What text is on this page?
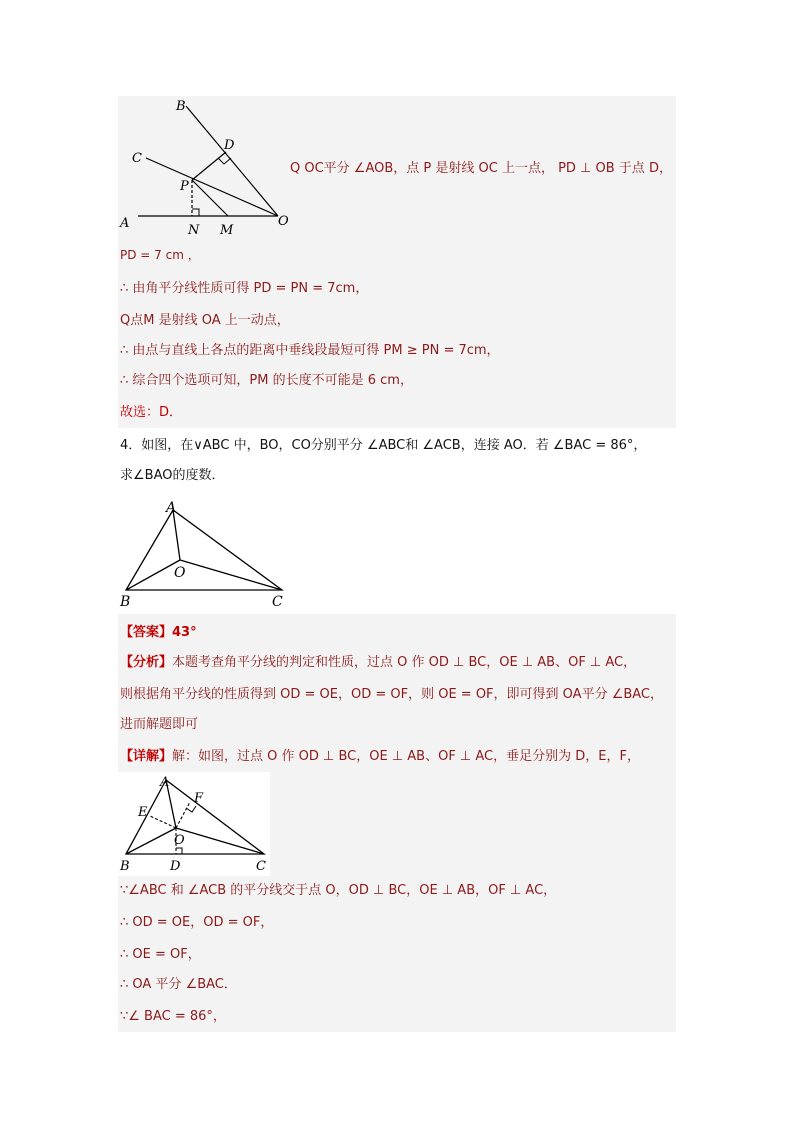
B
D
C
P
A	N M
O
Q OC平分 ∠AOB，点 P 是射线 OC 上一点， PD ⊥ OB 于点 D，
PD = 7 cm ，
∴ 由角平分线性质可得 PD = PN = 7cm，
Q点M 是射线 OA 上一动点，
∴ 由点与直线上各点的距离中垂线段最短可得 PM ≥ PN = 7cm，
∴ 综合四个选项可知，PM 的长度不可能是 6 cm，
故选：D．
4．如图，在∨ABC 中，BO，CO分别平分 ∠ABC和 ∠ACB，连接 AO．若 ∠BAC = 86°，
求∠BAO的度数．
A
O
B	C
【答案】43°
【分析】本题考查角平分线的判定和性质，过点 O 作 OD ⊥ BC，OE ⊥ AB、OF ⊥ AC，
则根据角平分线的性质得到 OD = OE，OD = OF，则 OE = OF，即可得到 OA平分 ∠BAC，
进而解题即可
【详解】解：如图，过点 O 作 OD ⊥ BC，OE ⊥ AB、OF ⊥ AC，垂足分别为 D，E，F，
A
E
F
O
B	D	C
∵∠ABC 和 ∠ACB 的平分线交于点 O，OD ⊥ BC，OE ⊥ AB，OF ⊥ AC，
∴ OD = OE，OD = OF，
∴ OE = OF，
∴ OA 平分 ∠BAC．
∵∠ BAC = 86°，
